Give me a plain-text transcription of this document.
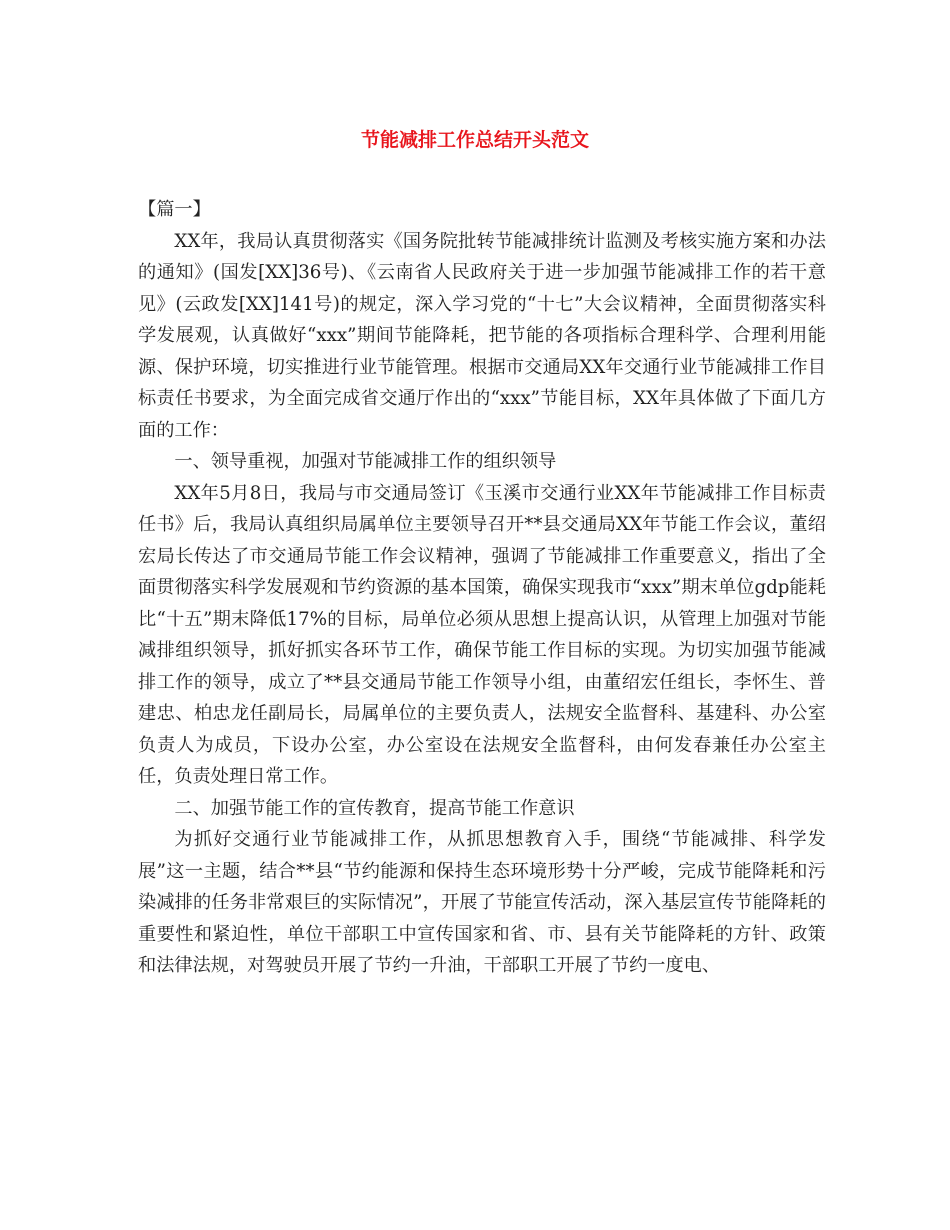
节能减排工作总结开头范文

【篇一】

XX年，我局认真贯彻落实《国务院批转节能减排统计监测及考核实施方案和办法的通知》(国发[XX]36号)、《云南省人民政府关于进一步加强节能减排工作的若干意见》(云政发[XX]141号)的规定，深入学习党的“十七”大会议精神，全面贯彻落实科学发展观，认真做好“xxx”期间节能降耗，把节能的各项指标合理科学、合理利用能源、保护环境，切实推进行业节能管理。根据市交通局XX年交通行业节能减排工作目标责任书要求，为全面完成省交通厅作出的“xxx”节能目标，XX年具体做了下面几方面的工作：

一、领导重视，加强对节能减排工作的组织领导

XX年5月8日，我局与市交通局签订《玉溪市交通行业XX年节能减排工作目标责任书》后，我局认真组织局属单位主要领导召开**县交通局XX年节能工作会议，董绍宏局长传达了市交通局节能工作会议精神，强调了节能减排工作重要意义，指出了全面贯彻落实科学发展观和节约资源的基本国策，确保实现我市“xxx”期末单位gdp能耗比“十五”期末降低17%的目标，局单位必须从思想上提高认识，从管理上加强对节能减排组织领导，抓好抓实各环节工作，确保节能工作目标的实现。为切实加强节能减排工作的领导，成立了**县交通局节能工作领导小组，由董绍宏任组长，李怀生、普建忠、柏忠龙任副局长，局属单位的主要负责人，法规安全监督科、基建科、办公室负责人为成员，下设办公室，办公室设在法规安全监督科，由何发春兼任办公室主任，负责处理日常工作。

二、加强节能工作的宣传教育，提高节能工作意识

为抓好交通行业节能减排工作，从抓思想教育入手，围绕“节能减排、科学发展”这一主题，结合**县“节约能源和保持生态环境形势十分严峻，完成节能降耗和污染减排的任务非常艰巨的实际情况”，开展了节能宣传活动，深入基层宣传节能降耗的重要性和紧迫性，单位干部职工中宣传国家和省、市、县有关节能降耗的方针、政策和法律法规，对驾驶员开展了节约一升油，干部职工开展了节约一度电、
